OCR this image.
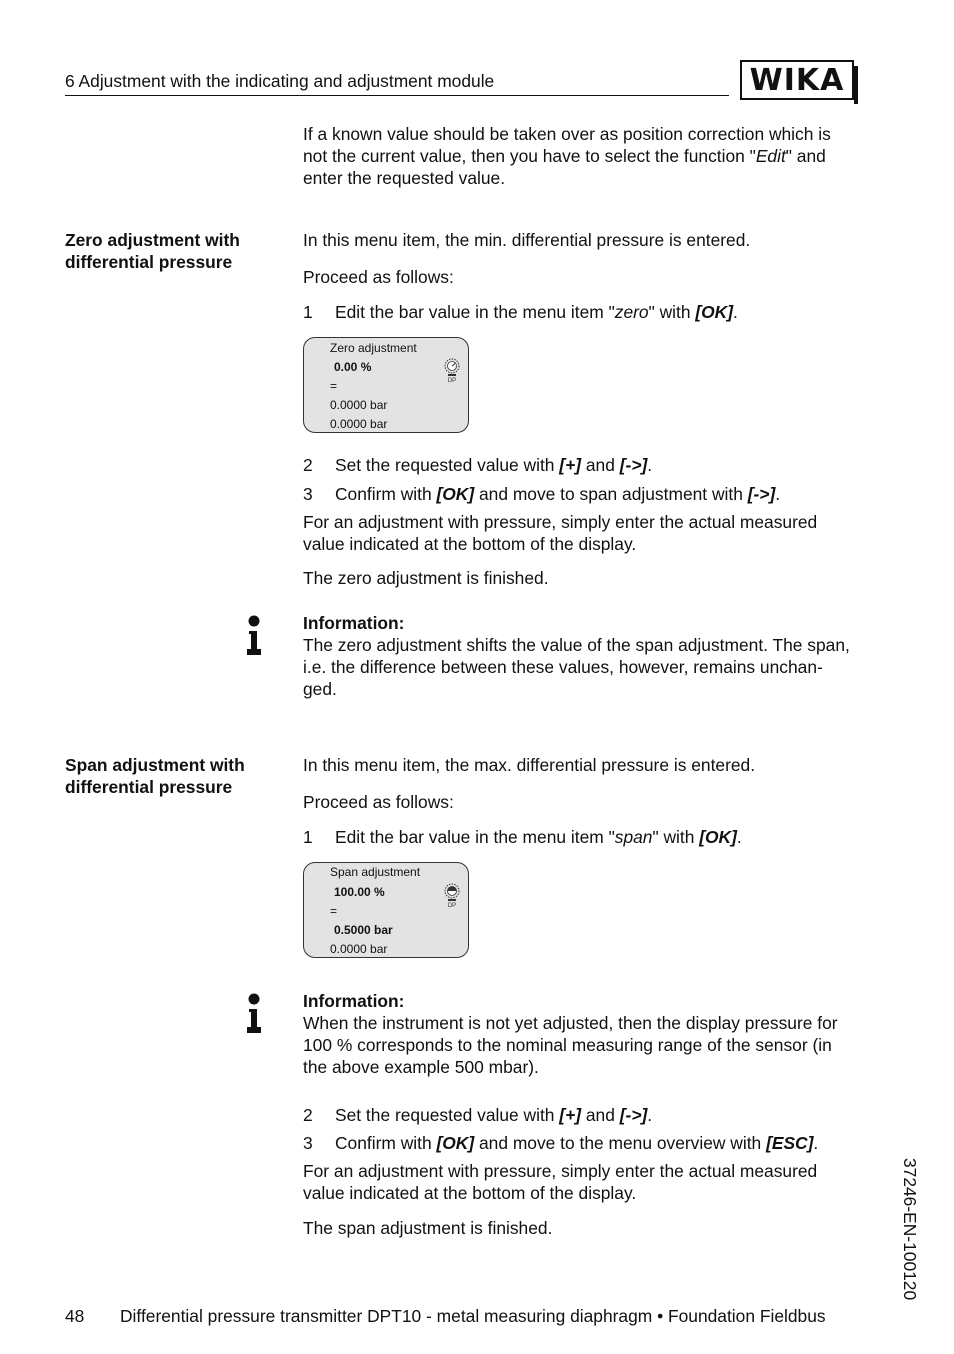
6 Adjustment with the indicating and adjustment module	WIKA
If a known value should be taken over as position correction which is
not the current value, then you have to select the function "Edit" and
enter the requested value.
Zero adjustment with
differential pressure
In this menu item, the min. differential pressure is entered.
Proceed as follows:
1	Edit the bar value in the menu item "zero" with [OK].
Zero adjustment
0.00 %
=
0.0000 bar
0.0000 bar
DP
2	Set the requested value with [+] and [->].
3	Confirm with [OK] and move to span adjustment with [->].
For an adjustment with pressure, simply enter the actual measured
value indicated at the bottom of the display.
The zero adjustment is finished.
Information:
The zero adjustment shifts the value of the span adjustment. The span,
i.e. the difference between these values, however, remains unchan-
ged.
Span adjustment with
differential pressure
In this menu item, the max. differential pressure is entered.
Proceed as follows:
1	Edit the bar value in the menu item "span" with [OK].
Span adjustment
100.00 %
=
0.5000 bar
0.0000 bar
DP
Information:
When the instrument is not yet adjusted, then the display pressure for
100 % corresponds to the nominal measuring range of the sensor (in
the above example 500 mbar).
2	Set the requested value with [+] and [->].
3	Confirm with [OK] and move to the menu overview with [ESC].
For an adjustment with pressure, simply enter the actual measured
value indicated at the bottom of the display.
The span adjustment is finished.	37246-EN-100120
48 Differential pressure transmitter DPT10 - metal measuring diaphragm • Foundation Fieldbus
